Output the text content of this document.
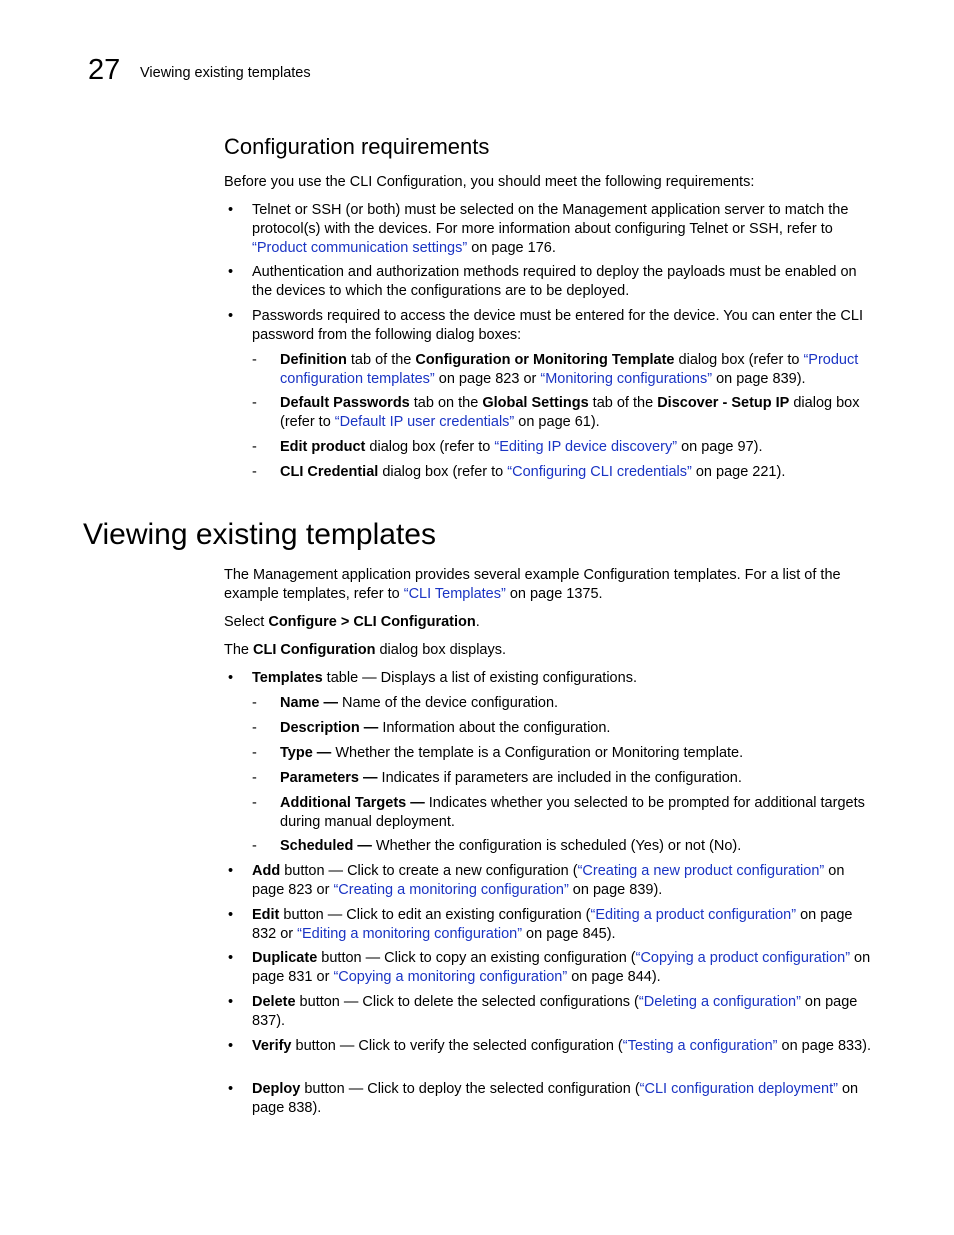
27 Viewing existing templates
Configuration requirements

Before you use the CLI Configuration, you should meet the following requirements:

• Telnet or SSH (or both) must be selected on the Management application server to match the protocol(s) with the devices. For more information about configuring Telnet or SSH, refer to “Product communication settings” on page 176.

• Authentication and authorization methods required to deploy the payloads must be enabled on the devices to which the configurations are to be deployed.

• Passwords required to access the device must be entered for the device. You can enter the CLI password from the following dialog boxes:

- Definition tab of the Configuration or Monitoring Template dialog box (refer to “Product configuration templates” on page 823 or “Monitoring configurations” on page 839).

- Default Passwords tab on the Global Settings tab of the Discover - Setup IP dialog box (refer to “Default IP user credentials” on page 61).

- Edit product dialog box (refer to “Editing IP device discovery” on page 97).

- CLI Credential dialog box (refer to “Configuring CLI credentials” on page 221).

Viewing existing templates

The Management application provides several example Configuration templates. For a list of the example templates, refer to “CLI Templates” on page 1375.

Select Configure > CLI Configuration.

The CLI Configuration dialog box displays.

• Templates table — Displays a list of existing configurations.

- Name — Name of the device configuration.

- Description — Information about the configuration.

- Type — Whether the template is a Configuration or Monitoring template.

- Parameters — Indicates if parameters are included in the configuration.

- Additional Targets — Indicates whether you selected to be prompted for additional targets during manual deployment.

- Scheduled — Whether the configuration is scheduled (Yes) or not (No).

• Add button — Click to create a new configuration (“Creating a new product configuration” on page 823 or “Creating a monitoring configuration” on page 839).

• Edit button — Click to edit an existing configuration (“Editing a product configuration” on page 832 or “Editing a monitoring configuration” on page 845).

• Duplicate button — Click to copy an existing configuration (“Copying a product configuration” on page 831 or “Copying a monitoring configuration” on page 844).

• Delete button — Click to delete the selected configurations (“Deleting a configuration” on page 837).

• Verify button — Click to verify the selected configuration (“Testing a configuration” on page 833).

• Deploy button — Click to deploy the selected configuration (“CLI configuration deployment” on page 838).
